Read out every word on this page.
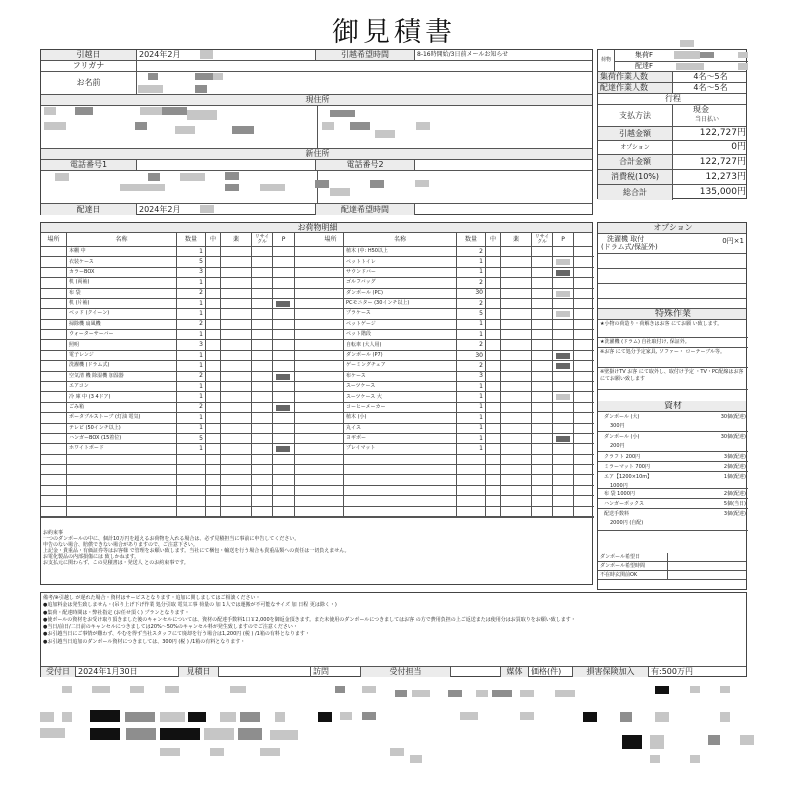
御見積書
引越日	2024年2月	引越希望時間	8-16時開始/3日前メールお知らせ
フリガナ
お名前
現住所
新住所
電話番号1	電話番号2
配達日	2024年2月	配達希望時間
荷物
集荷F
配達F
集荷作業人数	4名〜5名
配達作業人数	4名〜5名
行程
支払方法
現金
当日払い
引越金額	122,727円
オプション	0円
合計金額	122,727円
消費税(10%)	12,273円
総合計	135,000円
お荷物明細
場所	名称	数量	中	薬	リサイクル	P	場所	名称	数量	中	薬	リサイクル	P
本棚 中	1	植木 (中: H50以上	2
衣装ケース	5	ペットトイレ	1
カラーBOX	3	サウンドバー	1
机 (両袖)	1	ゴルフバッグ	2
布 袋	2	ダンボール (PC)	30
机 (片袖)	1	PCモニター (30インチ以上)	2
ベッド (クイーン)	1	プラケース	5
掃除機 扇風機	2	ペットゲージ	1
ウォーターサーバー	1	ペット階段	1
照明	3	自転車 (大人用)	2
電子レンジ	1	ダンボール (P7)	30
洗濯機 (ドラム式)	1	ゲーミングチェア	2
空気清 機 除湿機 加湿器	2	布ケース	3
エアコン	1	スーツケース	1
冷 庫 中 (3 4ドア)	1	スーツケース 大	1
ごみ箱	2	コーヒーメーカー	1
ポータブルストーブ (灯油 電気)	1	植木 (小)	1
テレビ (50インチ以上)	1	丸イス	1
ハンガーBOX (15着位)	5	ヨギボー	1
ホワイトボード	1	プレイマット	1
お約束事
一つのダンボールの中に、個計10万円を超えるお荷物を入れる場合は、必ず見積担当に事前に申告してください。
申告のない場合、賠償できない場合がありますので、ご注意下さい。
上記金・貴重品・有価証券等はお客様 で管理をお願い致します。当社にて梱包・輸送を行う場合も貴重品類への責任は一切負えません。
お電化製品の内部損傷には 致しかねます。
お支払元に関わらず、この見積書は・発送人 とのお約束事です。
オプション
洗濯機 取付
(ドラム式/保証外)
0円×1
特殊作業
★小物の荷造り・荷解きはお客 にてお願 い致します。
★洗濯機 (ドラム) 自社取付け, 保証外。
※お客 にて処分予定家具, ソファー・ ローテーブル等。
※壁掛けTV お客 にて取外し、取付け予定 ・TV・PC配線はお客 にてお願い致します
資材
ダンボール (大)
300円
30個(配達)
ダンボール (小)
200円
30個(配達)
クラフト 200円	3個(配達)
ミラーマット 700円	2個(配達)
エア【1200×10m】
1000円
1個(配達)
布 袋 1000円	2個(配達)
ハンガーボックス	5個(当日)
配送手数料
2000円 (自配)
3個(配達)
ダンボール希望日
ダンボール希望時間
不在時玄関前OK
備考/※引越し が遅れた場合・資材はサービスとなります・追加に関しましてはご相談ください・
●追加料金は発生致しません・(吊り上げ下げ作業 処分引取 電気工事 荷量の 加 1人では運搬が不可能なサイズ 加 日程 更は除く・)
●集荷・配達時間は・弊社指定 (お任せ頂く) プランとなります・
●使ボールの資材をお受け取り頂きました後のキャンセルについては、資材の配達手数料1口￥2,000を御返金頂きます。また未使用のダンボールにつきましてはお客 の方で費用負担の上ご返送または使用分はお買取りをお願い致します・
●当日/前日/二日前のキャンセルにつきましては20%〜50%のキャンセル料が発生致しますのでご注意ください・
●お引越当日にご事情が難わず、やむを得ず当社スタッフにて廃却を行う場合は1,200円 (税 ) /1箱の有料となります・
●お引越当日追加のダンボール資材につきましては、300円 (税 ) /1箱の有料となります・
受付日	2024年1月30日	見積日	訪問	受付担当	媒体	価格(件)	損害保険加入	有:500万円
